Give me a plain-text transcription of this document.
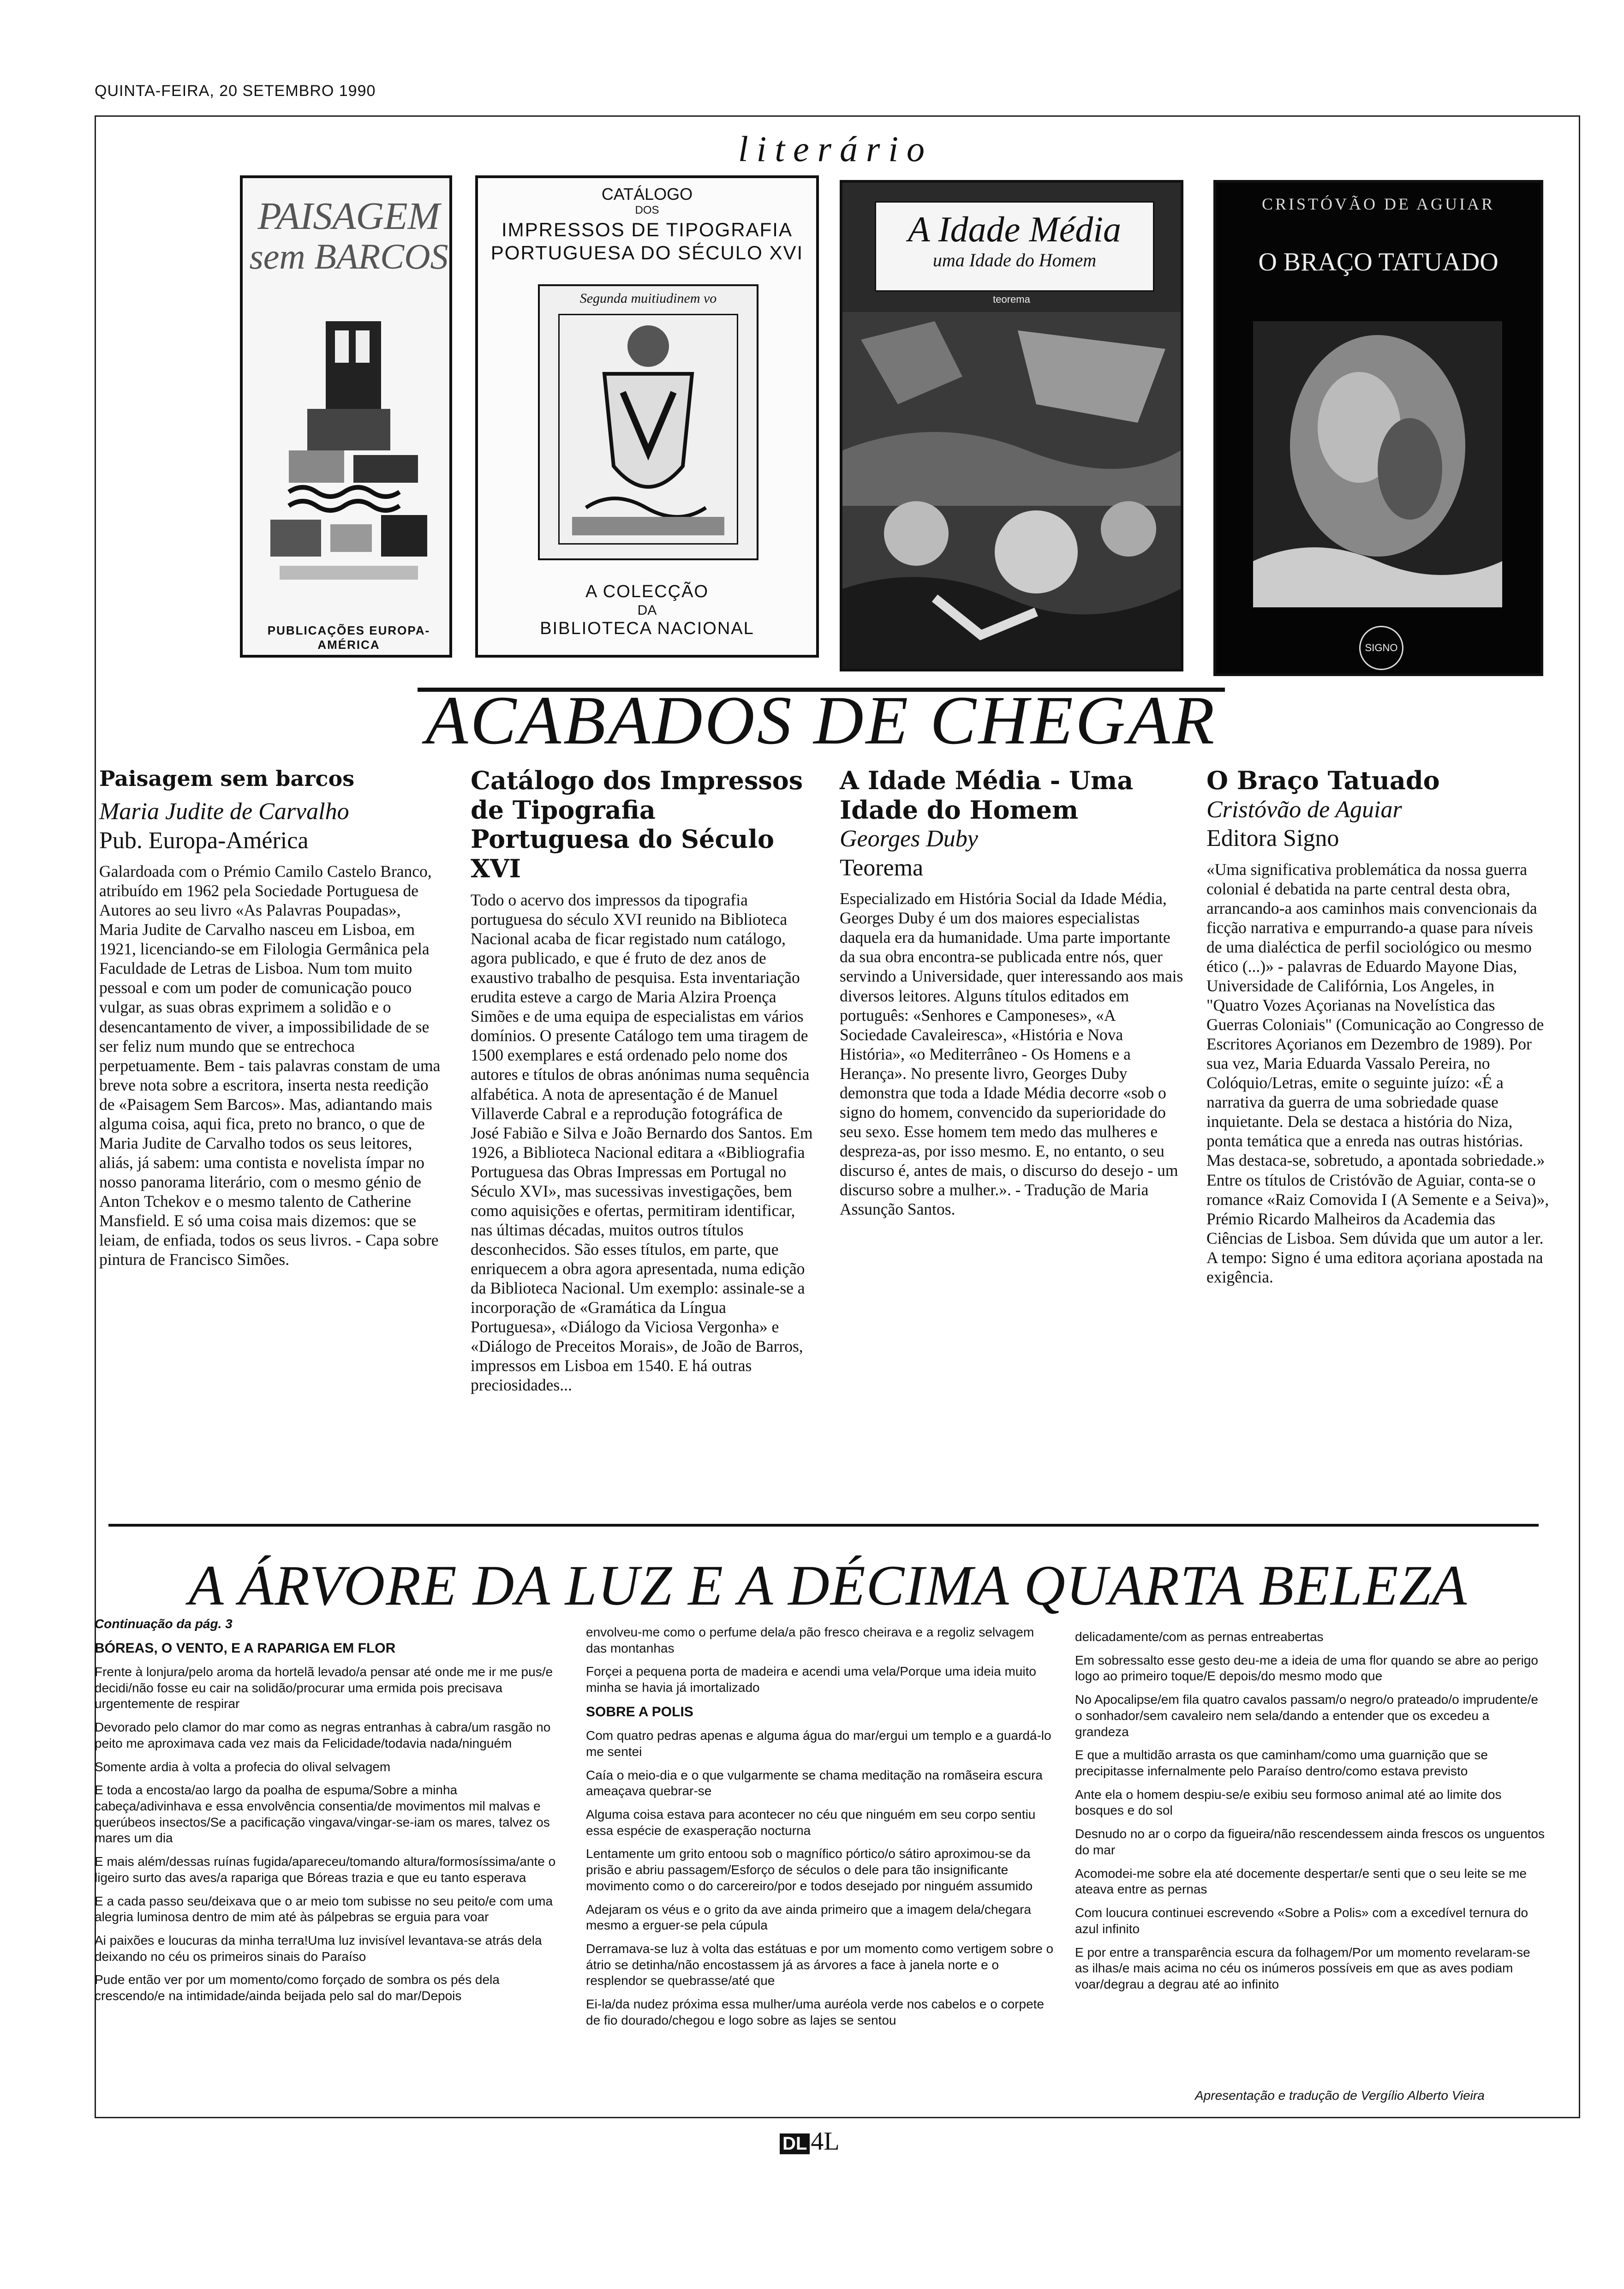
QUINTA-FEIRA, 20 SETEMBRO 1990
literário
PAISAGEM
sem BARCOS
PUBLICAÇÕES EUROPA-AMÉRICA
CATÁLOGO
DOS
IMPRESSOS DE TIPOGRAFIA
PORTUGUESA DO SÉCULO XVI
Segunda muitiudinem vo
A COLECÇÃO
DA
BIBLIOTECA NACIONAL
A Idade Média
uma Idade do Homem
teorema
CRISTÓVÃO DE AGUIAR
O BRAÇO TATUADO
SIGNO
ACABADOS DE CHEGAR
Paisagem sem barcos
Maria Judite de Carvalho
Pub. Europa-América
Galardoada com o Prémio Camilo Castelo Branco, atribuído em 1962 pela Sociedade Portuguesa de Autores ao seu livro «As Palavras Poupadas», Maria Judite de Carvalho nasceu em Lisboa, em 1921, licenciando-se em Filologia Germânica pela Faculdade de Letras de Lisboa. Num tom muito pessoal e com um poder de comunicação pouco vulgar, as suas obras exprimem a solidão e o desencantamento de viver, a impossibilidade de se ser feliz num mundo que se entrechoca perpetuamente. Bem - tais palavras constam de uma breve nota sobre a escritora, inserta nesta reedição de «Paisagem Sem Barcos». Mas, adiantando mais alguma coisa, aqui fica, preto no branco, o que de Maria Judite de Carvalho todos os seus leitores, aliás, já sabem: uma contista e novelista ímpar no nosso panorama literário, com o mesmo génio de Anton Tchekov e o mesmo talento de Catherine Mansfield. E só uma coisa mais dizemos: que se leiam, de enfiada, todos os seus livros. - Capa sobre pintura de Francisco Simões.
Catálogo dos Impressos de Tipografia Portuguesa do Século XVI
Todo o acervo dos impressos da tipografia portuguesa do século XVI reunido na Biblioteca Nacional acaba de ficar registado num catálogo, agora publicado, e que é fruto de dez anos de exaustivo trabalho de pesquisa. Esta inventariação erudita esteve a cargo de Maria Alzira Proença Simões e de uma equipa de especialistas em vários domínios. O presente Catálogo tem uma tiragem de 1500 exemplares e está ordenado pelo nome dos autores e títulos de obras anónimas numa sequência alfabética. A nota de apresentação é de Manuel Villaverde Cabral e a reprodução fotográfica de José Fabião e Silva e João Bernardo dos Santos. Em 1926, a Biblioteca Nacional editara a «Bibliografia Portuguesa das Obras Impressas em Portugal no Século XVI», mas sucessivas investigações, bem como aquisições e ofertas, permitiram identificar, nas últimas décadas, muitos outros títulos desconhecidos. São esses títulos, em parte, que enriquecem a obra agora apresentada, numa edição da Biblioteca Nacional. Um exemplo: assinale-se a incorporação de «Gramática da Língua Portuguesa», «Diálogo da Viciosa Vergonha» e «Diálogo de Preceitos Morais», de João de Barros, impressos em Lisboa em 1540. E há outras preciosidades...
A Idade Média - Uma Idade do Homem
Georges Duby
Teorema
Especializado em História Social da Idade Média, Georges Duby é um dos maiores especialistas daquela era da humanidade. Uma parte importante da sua obra encontra-se publicada entre nós, quer servindo a Universidade, quer interessando aos mais diversos leitores. Alguns títulos editados em português: «Senhores e Camponeses», «A Sociedade Cavaleiresca», «História e Nova História», «o Mediterrâneo - Os Homens e a Herança». No presente livro, Georges Duby demonstra que toda a Idade Média decorre «sob o signo do homem, convencido da superioridade do seu sexo. Esse homem tem medo das mulheres e despreza-as, por isso mesmo. E, no entanto, o seu discurso é, antes de mais, o discurso do desejo - um discurso sobre a mulher.». - Tradução de Maria Assunção Santos.
O Braço Tatuado
Cristóvão de Aguiar
Editora Signo
«Uma significativa problemática da nossa guerra colonial é debatida na parte central desta obra, arrancando-a aos caminhos mais convencionais da ficção narrativa e empurrando-a quase para níveis de uma dialéctica de perfil sociológico ou mesmo ético (...)» - palavras de Eduardo Mayone Dias, Universidade de Califórnia, Los Angeles, in "Quatro Vozes Açorianas na Novelística das Guerras Coloniais" (Comunicação ao Congresso de Escritores Açorianos em Dezembro de 1989). Por sua vez, Maria Eduarda Vassalo Pereira, no Colóquio/Letras, emite o seguinte juízo: «É a narrativa da guerra de uma sobriedade quase inquietante. Dela se destaca a história do Niza, ponta temática que a enreda nas outras histórias. Mas destaca-se, sobretudo, a apontada sobriedade.» Entre os títulos de Cristóvão de Aguiar, conta-se o romance «Raiz Comovida I (A Semente e a Seiva)», Prémio Ricardo Malheiros da Academia das Ciências de Lisboa. Sem dúvida que um autor a ler. A tempo: Signo é uma editora açoriana apostada na exigência.
A ÁRVORE DA LUZ E A DÉCIMA QUARTA BELEZA

Continuação da pág. 3

BÓREAS, O VENTO, E A RAPARIGA EM FLOR

Frente à lonjura/pelo aroma da hortelã levado/a pensar até onde me ir me pus/e decidi/não fosse eu cair na solidão/procurar uma ermida pois precisava urgentemente de respirar

Devorado pelo clamor do mar como as negras entranhas à cabra/um rasgão no peito me aproximava cada vez mais da Felicidade/todavia nada/ninguém

Somente ardia à volta a profecia do olival selvagem

E toda a encosta/ao largo da poalha de espuma/Sobre a minha cabeça/adivinhava e essa envolvência consentia/de movimentos mil malvas e querúbeos insectos/Se a pacificação vingava/vingar-se-iam os mares, talvez os mares um dia

E mais além/dessas ruínas fugida/apareceu/tomando altura/formosíssima/ante o ligeiro surto das aves/a rapariga que Bóreas trazia e que eu tanto esperava

E a cada passo seu/deixava que o ar meio tom subisse no seu peito/e com uma alegria luminosa dentro de mim até às pálpebras se erguia para voar

Ai paixões e loucuras da minha terra!Uma luz invisível levantava-se atrás dela deixando no céu os primeiros sinais do Paraíso

Pude então ver por um momento/como forçado de sombra os pés dela crescendo/e na intimidade/ainda beijada pelo sal do mar/Depois

envolveu-me como o perfume dela/a pão fresco cheirava e a regoliz selvagem das montanhas

Forçei a pequena porta de madeira e acendi uma vela/Porque uma ideia muito minha se havia já imortalizado

SOBRE A POLIS

Com quatro pedras apenas e alguma água do mar/ergui um templo e a guardá-lo me sentei

Caía o meio-dia e o que vulgarmente se chama meditação na romãseira escura ameaçava quebrar-se

Alguma coisa estava para acontecer no céu que ninguém em seu corpo sentiu essa espécie de exasperação nocturna

Lentamente um grito entoou sob o magnífico pórtico/o sátiro aproximou-se da prisão e abriu passagem/Esforço de séculos o dele para tão insignificante movimento como o do carcereiro/por e todos desejado por ninguém assumido

Adejaram os véus e o grito da ave ainda primeiro que a imagem dela/chegara mesmo a erguer-se pela cúpula

Derramava-se luz à volta das estátuas e por um momento como vertigem sobre o átrio se detinha/não encostassem já as árvores a face à janela norte e o resplendor se quebrasse/até que

Ei-la/da nudez próxima essa mulher/uma auréola verde nos cabelos e o corpete de fio dourado/chegou e logo sobre as lajes se sentou

delicadamente/com as pernas entreabertas

Em sobressalto esse gesto deu-me a ideia de uma flor quando se abre ao perigo logo ao primeiro toque/E depois/do mesmo modo que

No Apocalipse/em fila quatro cavalos passam/o negro/o prateado/o imprudente/e o sonhador/sem cavaleiro nem sela/dando a entender que os excedeu a grandeza

E que a multidão arrasta os que caminham/como uma guarnição que se precipitasse infernalmente pelo Paraíso dentro/como estava previsto

Ante ela o homem despiu-se/e exibiu seu formoso animal até ao limite dos bosques e do sol

Desnudo no ar o corpo da figueira/não rescendessem ainda frescos os unguentos do mar

Acomodei-me sobre ela até docemente despertar/e senti que o seu leite se me ateava entre as pernas

Com loucura continuei escrevendo «Sobre a Polis» com a excedível ternura do azul infinito

E por entre a transparência escura da folhagem/Por um momento revelaram-se as ilhas/e mais acima no céu os inúmeros possíveis em que as aves podiam voar/degrau a degrau até ao infinito

Apresentação e tradução de Vergílio Alberto Vieira
DL 4L
